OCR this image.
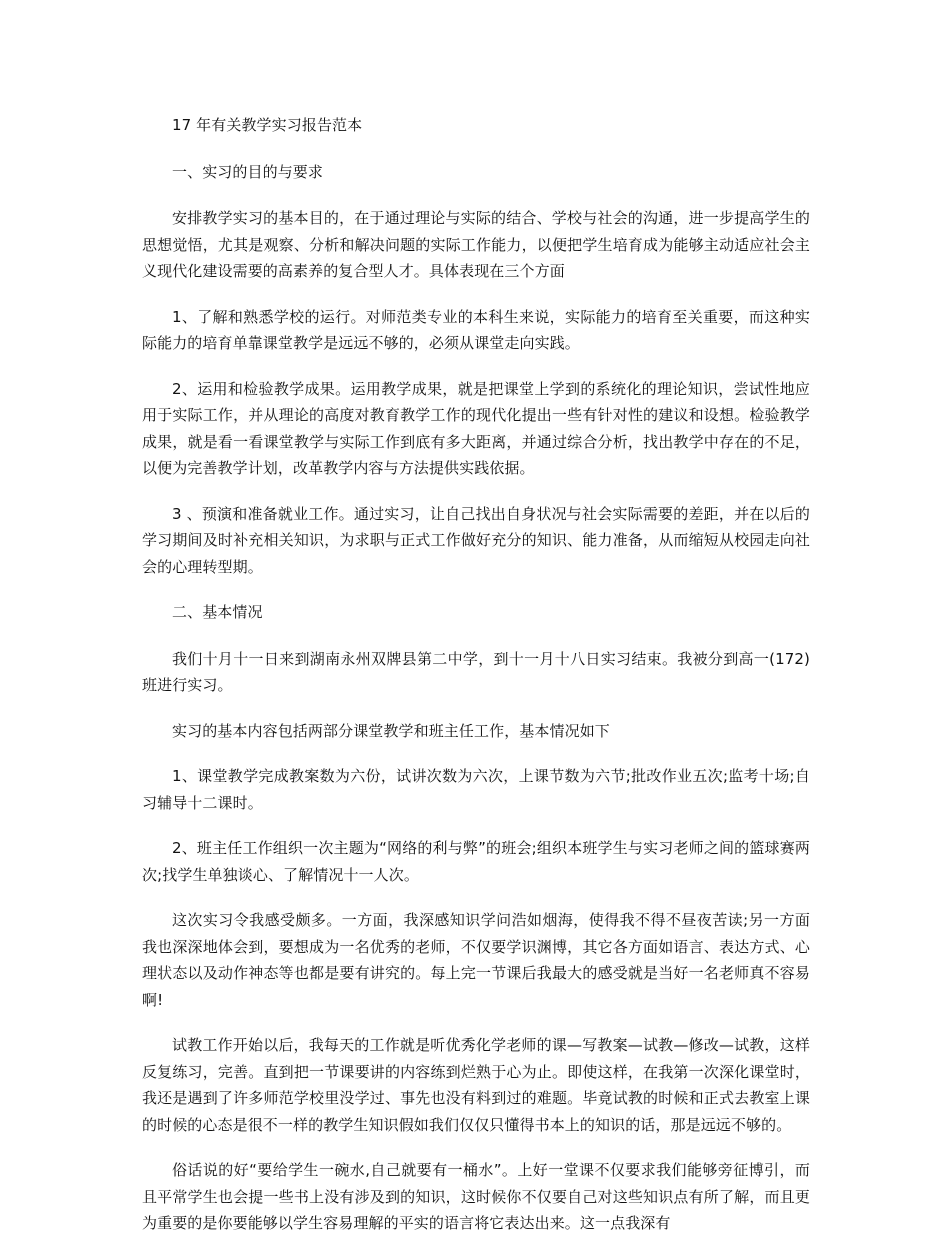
17 年有关教学实习报告范本

一、实习的目的与要求

安排教学实习的基本目的，在于通过理论与实际的结合、学校与社会的沟通，进一步提高学生的思想觉悟，尤其是观察、分析和解决问题的实际工作能力，以便把学生培育成为能够主动适应社会主义现代化建设需要的高素养的复合型人才。具体表现在三个方面

1、了解和熟悉学校的运行。对师范类专业的本科生来说，实际能力的培育至关重要，而这种实际能力的培育单靠课堂教学是远远不够的，必须从课堂走向实践。

2、运用和检验教学成果。运用教学成果，就是把课堂上学到的系统化的理论知识，尝试性地应用于实际工作，并从理论的高度对教育教学工作的现代化提出一些有针对性的建议和设想。检验教学成果，就是看一看课堂教学与实际工作到底有多大距离，并通过综合分析，找出教学中存在的不足，以便为完善教学计划，改革教学内容与方法提供实践依据。

3 、预演和准备就业工作。通过实习，让自己找出自身状况与社会实际需要的差距，并在以后的学习期间及时补充相关知识，为求职与正式工作做好充分的知识、能力准备，从而缩短从校园走向社会的心理转型期。

二、基本情况

我们十月十一日来到湖南永州双牌县第二中学，到十一月十八日实习结束。我被分到高一(172)班进行实习。

实习的基本内容包括两部分课堂教学和班主任工作，基本情况如下

1、课堂教学完成教案数为六份，试讲次数为六次，上课节数为六节;批改作业五次;监考十场;自习辅导十二课时。

2、班主任工作组织一次主题为“网络的利与弊”的班会;组织本班学生与实习老师之间的篮球赛两次;找学生单独谈心、了解情况十一人次。

这次实习令我感受颇多。一方面，我深感知识学问浩如烟海，使得我不得不昼夜苦读;另一方面我也深深地体会到，要想成为一名优秀的老师，不仅要学识渊博，其它各方面如语言、表达方式、心理状态以及动作神态等也都是要有讲究的。每上完一节课后我最大的感受就是当好一名老师真不容易啊!

试教工作开始以后，我每天的工作就是听优秀化学老师的课—写教案—试教—修改—试教，这样反复练习，完善。直到把一节课要讲的内容练到烂熟于心为止。即使这样，在我第一次深化课堂时，我还是遇到了许多师范学校里没学过、事先也没有料到过的难题。毕竟试教的时候和正式去教室上课的时候的心态是很不一样的教学生知识假如我们仅仅只懂得书本上的知识的话，那是远远不够的。

俗话说的好“要给学生一碗水,自己就要有一桶水”。上好一堂课不仅要求我们能够旁征博引，而且平常学生也会提一些书上没有涉及到的知识，这时候你不仅要自己对这些知识点有所了解，而且更为重要的是你要能够以学生容易理解的平实的语言将它表达出来。这一点我深有
